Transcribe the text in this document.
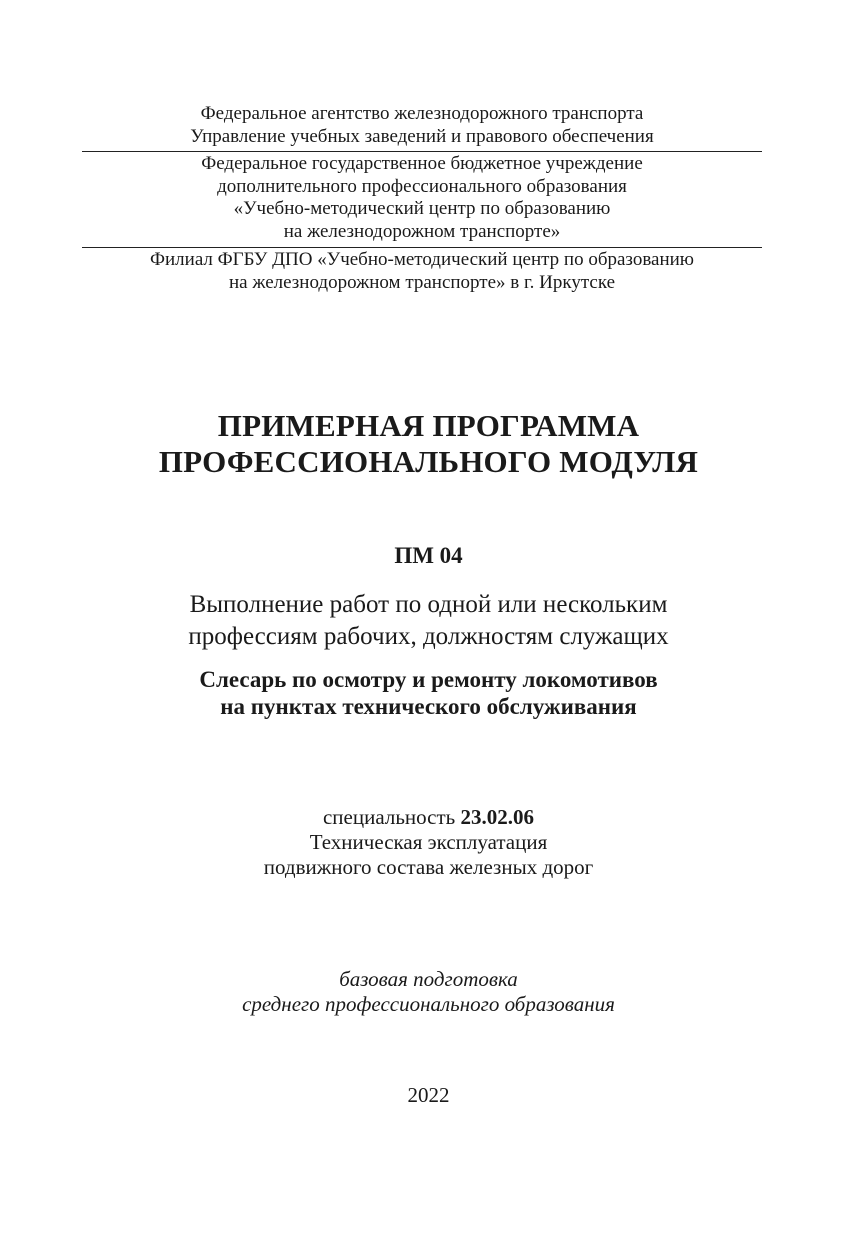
Федеральное агентство железнодорожного транспорта
Управление учебных заведений и правового обеспечения
Федеральное государственное бюджетное учреждение
дополнительного профессионального образования
«Учебно-методический центр по образованию
на железнодорожном транспорте»
Филиал ФГБУ ДПО «Учебно-методический центр по образованию
на железнодорожном транспорте» в г. Иркутске
ПРИМЕРНАЯ ПРОГРАММА
ПРОФЕССИОНАЛЬНОГО МОДУЛЯ
ПМ 04
Выполнение работ по одной или нескольким
профессиям рабочих, должностям служащих
Слесарь по осмотру и ремонту локомотивов
на пунктах технического обслуживания
специальность 23.02.06
Техническая эксплуатация
подвижного состава железных дорог
базовая подготовка
среднего профессионального образования
2022
